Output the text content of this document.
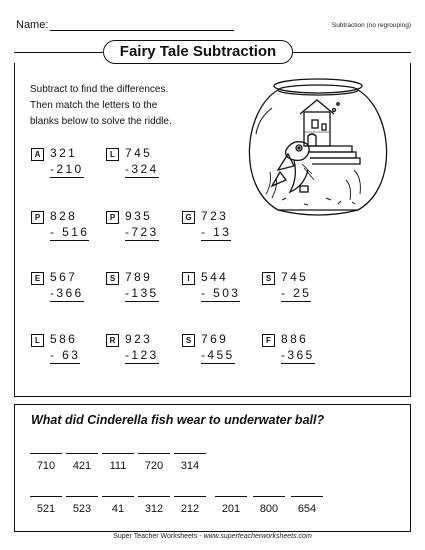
Name:	Subtraction (no regrouping)
Fairy Tale Subtraction
Subtract to find the differences.
Then match the letters to the
blanks below to solve the riddle.
A 321
-210
L 745
-324
P 828
- 516
P 935
-723
G 723
- 13
E 567
-366
S 789
-135
I 544
- 503
S 745
- 25
L 586
- 63
R 923
-123
S 769
-455
F 886
-365
What did Cinderella fish wear to underwater ball?
710	421	111	720	314
521	523	41	312	212	201	800	654
Super Teacher Worksheets - www.superteacherworksheets.com
